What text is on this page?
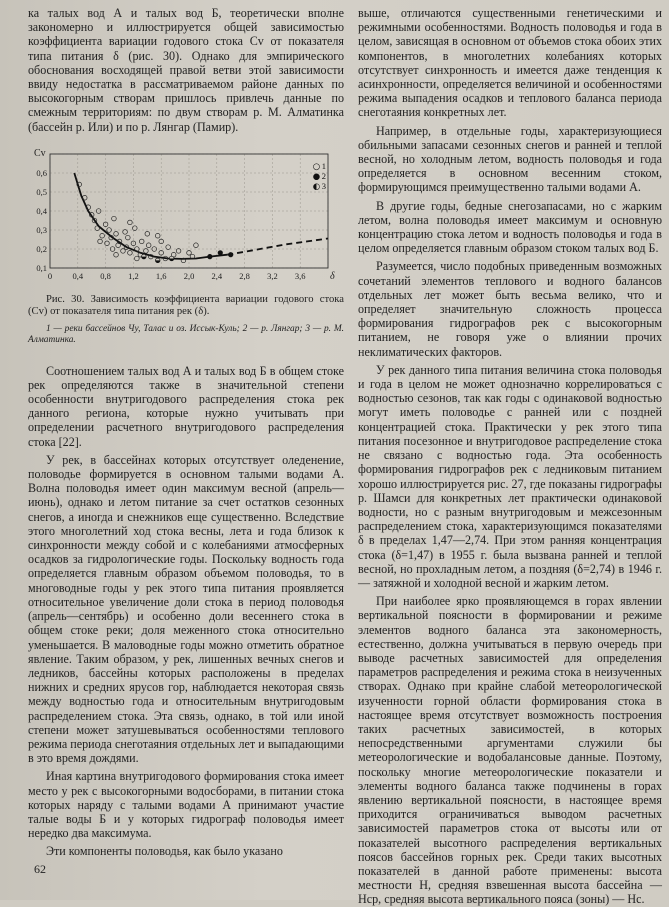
ка талых вод А и талых вод Б, теоретически вполне закономерно и иллюстрируется общей зависимостью коэффициента вариации годового стока Cv от показателя типа питания δ (рис. 30). Однако для эмпирического обоснования восходящей правой ветви этой зависимости ввиду недостатка в рассматриваемом районе данных по высокогорным створам пришлось привлечь данные по смежным территориям: по двум створам р. М. Алматинка (бассейн р. Или) и по р. Лянгар (Памир).

0 0,4 0,8 1,2 1,6 2,0 2,4 2,8 3,2 3,6 δ
0,1
0,2
0,3
0,4
0,5
0,6
Cv
○ 1
● 2
◐ 3

Рис. 30. Зависимость коэффициента вариации годового стока (Cv) от показателя типа питания рек (δ).

1 — реки бассейнов Чу, Талас и оз. Иссык-Куль; 2 — р. Лянгар; 3 — р. М. Алматинка.

Соотношением талых вод А и талых вод Б в общем стоке рек определяются также в значительной степени особенности внутригодового распределения стока рек данного региона, которые нужно учитывать при определении расчетного внутригодового распределения стока [22].

У рек, в бассейнах которых отсутствует оледенение, половодье формируется в основном талыми водами А. Волна половодья имеет один максимум весной (апрель—июнь), однако и летом питание за счет остатков сезонных снегов, а иногда и снежников еще существенно. Вследствие этого многолетний ход стока весны, лета и года близок к синхронности между собой и с колебаниями атмосферных осадков за гидрологические годы. Поскольку водность года определяется главным образом объемом половодья, то в многоводные годы у рек этого типа питания проявляется относительное увеличение доли стока в период половодья (апрель—сентябрь) и особенно доли весеннего стока в общем стоке реки; доля меженного стока относительно уменьшается. В маловодные годы можно отметить обратное явление. Таким образом, у рек, лишенных вечных снегов и ледников, бассейны которых расположены в пределах нижних и средних ярусов гор, наблюдается некоторая связь между водностью года и относительным внутригодовым распределением стока. Эта связь, однако, в той или иной степени может затушевываться особенностями теплового режима периода снеготаяния отдельных лет и выпадающими в это время дождями.

Иная картина внутригодового формирования стока имеет место у рек с высокогорными водосборами, в питании стока которых наряду с талыми водами А принимают участие талые воды Б и у которых гидрограф половодья имеет нередко два максимума.

Эти компоненты половодья, как было указано

выше, отличаются существенными генетическими и режимными особенностями. Водность половодья и года в целом, зависящая в основном от объемов стока обоих этих компонентов, в многолетних колебаниях которых отсутствует синхронность и имеется даже тенденция к асинхронности, определяется величиной и особенностями режима выпадения осадков и теплового баланса периода снеготаяния конкретных лет.

Например, в отдельные годы, характеризующиеся обильными запасами сезонных снегов и ранней и теплой весной, но холодным летом, водность половодья и года определяется в основном весенним стоком, формирующимся преимущественно талыми водами А.

В другие годы, бедные снегозапасами, но с жарким летом, волна половодья имеет максимум и основную концентрацию стока летом и водность половодья и года в целом определяется главным образом стоком талых вод Б.

Разумеется, число подобных приведенным возможных сочетаний элементов теплового и водного балансов отдельных лет может быть весьма велико, что и определяет значительную сложность процесса формирования гидрографов рек с высокогорным питанием, не говоря уже о влиянии прочих неклиматических факторов.

У рек данного типа питания величина стока половодья и года в целом не может однозначно коррелироваться с водностью сезонов, так как годы с одинаковой водностью могут иметь половодье с ранней или с поздней концентрацией стока. Практически у рек этого типа питания посезонное и внутригодовое распределение стока не связано с водностью года. Эта особенность формирования гидрографов рек с ледниковым питанием хорошо иллюстрируется рис. 27, где показаны гидрографы р. Шамси для конкретных лет практически одинаковой водности, но с разным внутригодовым и межсезонным распределением стока, характеризующимся показателями δ в пределах 1,47—2,74. При этом ранняя концентрация стока (δ=1,47) в 1955 г. была вызвана ранней и теплой весной, но прохладным летом, а поздняя (δ=2,74) в 1946 г. — затяжной и холодной весной и жарким летом.

При наиболее ярко проявляющемся в горах явлении вертикальной поясности в формировании и режиме элементов водного баланса эта закономерность, естественно, должна учитываться в первую очередь при выводе расчетных зависимостей для определения параметров распределения и режима стока в неизученных створах. Однако при крайне слабой метеорологической изученности горной области формирования стока в настоящее время отсутствует возможность построения таких расчетных зависимостей, в которых непосредственными аргументами служили бы метеорологические и водобалансовые данные. Поэтому, поскольку многие метеорологические показатели и элементы водного баланса также подчинены в горах явлению вертикальной поясности, в настоящее время приходится ограничиваться выводом расчетных зависимостей параметров стока от высоты или от показателей высотного распределения вертикальных поясов бассейнов горных рек. Среди таких высотных показателей в данной работе применены: высота местности H, средняя взвешенная высота бассейна — Hср, средняя высота вертикального пояса (зоны) — Hс.

62
